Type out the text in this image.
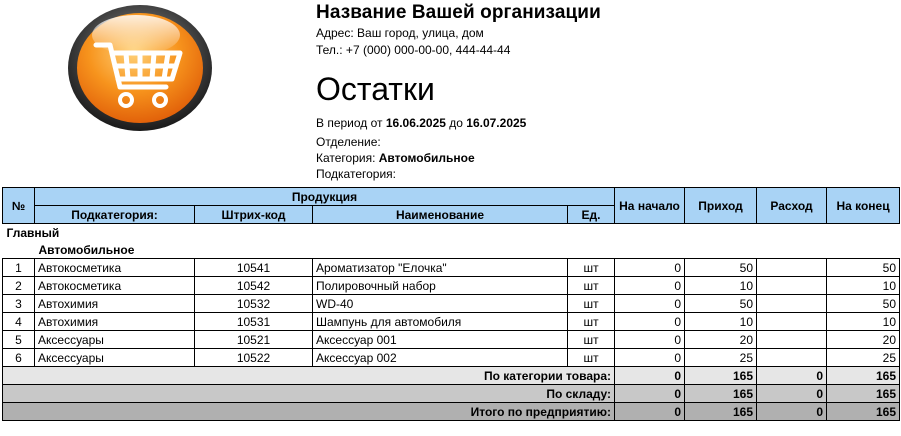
Название Вашей организации
Адрес: Ваш город, улица, дом
Тел.: +7 (000) 000-00-00, 444-44-44
Остатки
В период от 16.06.2025 до 16.07.2025
Отделение:
Категория: Автомобильное
Подкатегория:
№	Продукция				На начало	Приход	Расход	На конец
	Подкатегория:	Штрих-код	Наименование	Ед.				
Главный								
Автомобильное								
1	Автокосметика	10541	Ароматизатор "Елочка"	шт	0	50		50
2	Автокосметика	10542	Полировочный набор	шт	0	10		10
3	Автохимия	10532	WD-40	шт	0	50		50
4	Автохимия	10531	Шампунь для автомобиля	шт	0	10		10
5	Аксессуары	10521	Аксессуар 001	шт	0	20		20
6	Аксессуары	10522	Аксессуар 002	шт	0	25		25
По категории товара:					0	165	0	165
По складу:					0	165	0	165
Итого по предприятию:					0	165	0	165
